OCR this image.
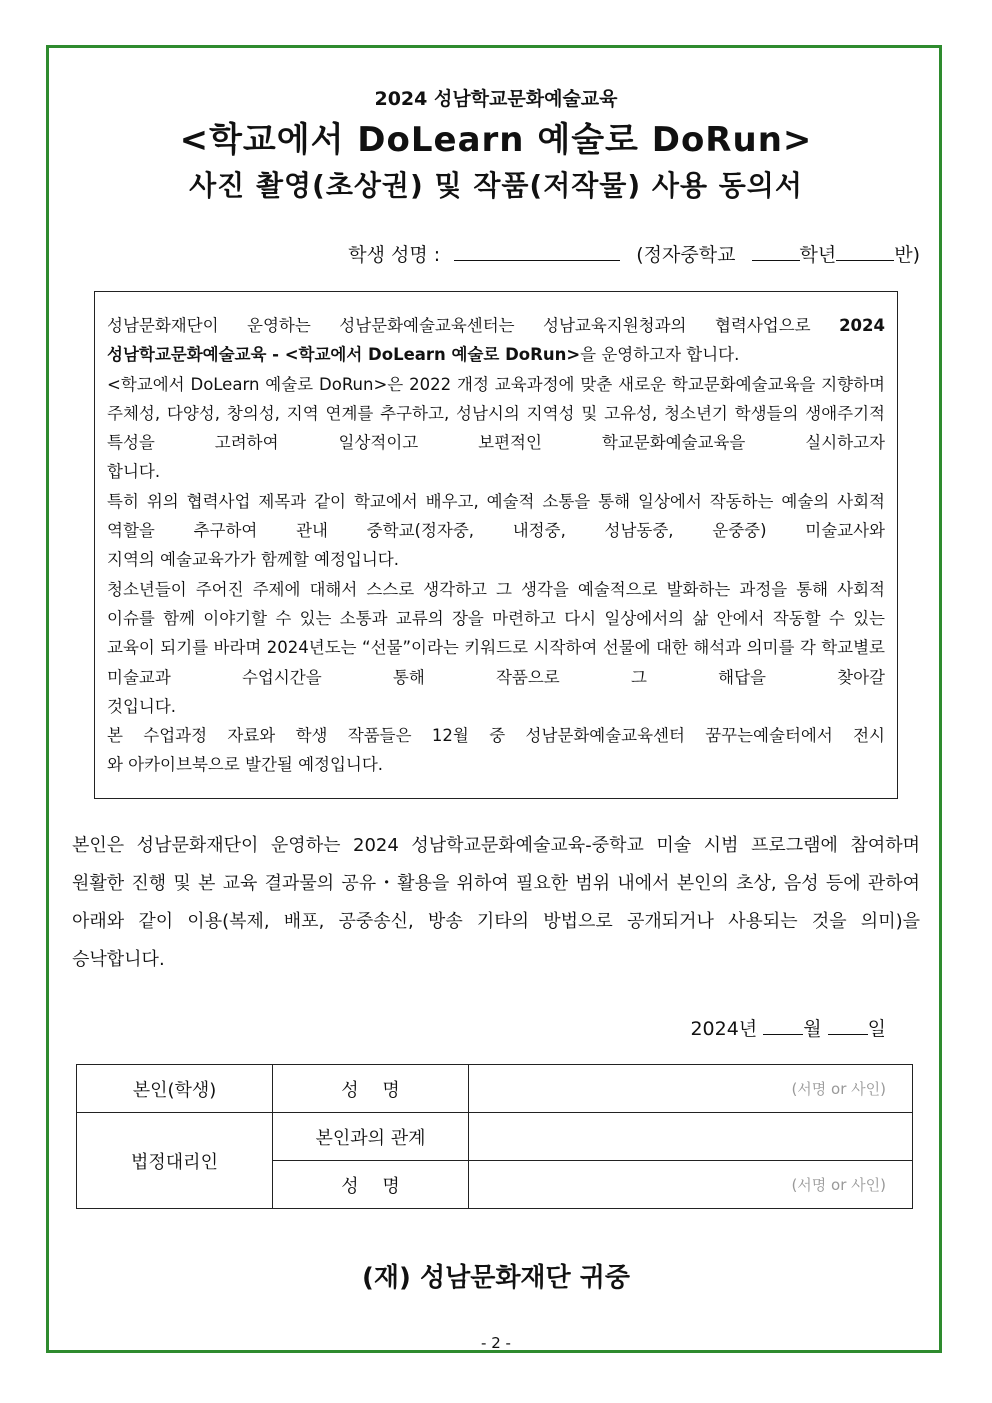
2024 성남학교문화예술교육
<학교에서 DoLearn 예술로 DoRun>
사진 촬영(초상권) 및 작품(저작물) 사용 동의서
학생 성명 :	(정자중학교	학년	반)

성남문화재단이 운영하는 성남문화예술교육센터는 성남교육지원청과의 협력사업으로 2024

성남학교문화예술교육 - <학교에서 DoLearn 예술로 DoRun>을 운영하고자 합니다.

<학교에서 DoLearn 예술로 DoRun>은 2022 개정 교육과정에 맞춘 새로운 학교문화예술교육을 지향하며 주체성, 다양성, 창의성, 지역 연계를 추구하고, 성남시의 지역성 및 고유성, 청소년기 학생들의 생애주기적 특성을 고려하여 일상적이고 보편적인 학교문화예술교육을 실시하고자

합니다.

특히 위의 협력사업 제목과 같이 학교에서 배우고, 예술적 소통을 통해 일상에서 작동하는 예술의 사회적 역할을 추구하여 관내 중학교(정자중, 내정중, 성남동중, 운중중) 미술교사와

지역의 예술교육가가 함께할 예정입니다.

청소년들이 주어진 주제에 대해서 스스로 생각하고 그 생각을 예술적으로 발화하는 과정을 통해 사회적 이슈를 함께 이야기할 수 있는 소통과 교류의 장을 마련하고 다시 일상에서의 삶 안에서 작동할 수 있는 교육이 되기를 바라며 2024년도는 “선물”이라는 키워드로 시작하여 선물에 대한 해석과 의미를 각 학교별로 미술교과 수업시간을 통해 작품으로 그 해답을 찾아갈

것입니다.

본 수업과정 자료와 학생 작품들은 12월 중 성남문화예술교육센터 꿈꾸는예술터에서 전시

와 아카이브북으로 발간될 예정입니다.

본인은 성남문화재단이 운영하는 2024 성남학교문화예술교육-중학교 미술 시범 프로그램에 참여하며 원활한 진행 및 본 교육 결과물의 공유・활용을 위하여 필요한 범위 내에서 본인의 초상, 음성 등에 관하여 아래와 같이 이용(복제, 배포, 공중송신, 방송 기타의 방법으로 공개되거나 사용되는 것을 의미)을 승낙합니다.
2024년 월 일
본인(학생)	성　 명	(서명 or 사인)
법정대리인	본인과의 관계	
	성　 명	(서명 or 사인)
(재) 성남문화재단 귀중
- 2 -
